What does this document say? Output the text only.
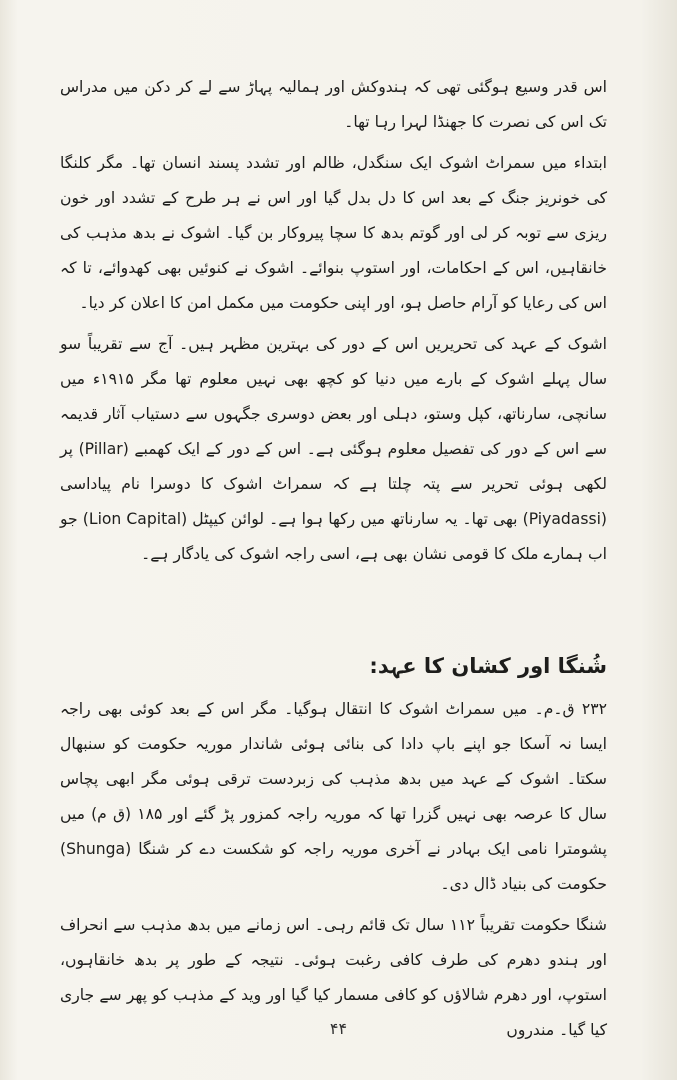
اس قدر وسیع ہوگئی تھی کہ ہندوکش اور ہمالیہ پہاڑ سے لے کر دکن میں مدراس تک اس کی نصرت کا جھنڈا لہرا رہا تھا۔

ابتداء میں سمراٹ اشوک ایک سنگدل، ظالم اور تشدد پسند انسان تھا۔ مگر کلنگا کی خونریز جنگ کے بعد اس کا دل بدل گیا اور اس نے ہر طرح کے تشدد اور خون ریزی سے توبہ کر لی اور گوتم بدھ کا سچا پیروکار بن گیا۔ اشوک نے بدھ مذہب کی خانقاہیں، اس کے احکامات، اور استوپ بنوائے۔ اشوک نے کنوئیں بھی کھدوائے، تا کہ اس کی رعایا کو آرام حاصل ہو، اور اپنی حکومت میں مکمل امن کا اعلان کر دیا۔

اشوک کے عہد کی تحریریں اس کے دور کی بہترین مظہر ہیں۔ آج سے تقریباً سو سال پہلے اشوک کے بارے میں دنیا کو کچھ بھی نہیں معلوم تھا مگر ۱۹۱۵ء میں سانچی، سارناتھ، کپل وستو، دہلی اور بعض دوسری جگہوں سے دستیاب آثار قدیمہ سے اس کے دور کی تفصیل معلوم ہوگئی ہے۔ اس کے دور کے ایک کھمبے (Pillar) پر لکھی ہوئی تحریر سے پتہ چلتا ہے کہ سمراٹ اشوک کا دوسرا نام پیاداسی (Piyadassi) بھی تھا۔ یہ سارناتھ میں رکھا ہوا ہے۔ لوائن کیپٹل (Lion Capital) جو اب ہمارے ملک کا قومی نشان بھی ہے، اسی راجہ اشوک کی یادگار ہے۔

شُنگا اور کشان کا عہد:

۲۳۲ ق۔م۔ میں سمراٹ اشوک کا انتقال ہوگیا۔ مگر اس کے بعد کوئی بھی راجہ ایسا نہ آسکا جو اپنے باپ دادا کی بنائی ہوئی شاندار موریہ حکومت کو سنبھال سکتا۔ اشوک کے عہد میں بدھ مذہب کی زبردست ترقی ہوئی مگر ابھی پچاس سال کا عرصہ بھی نہیں گزرا تھا کہ موریہ راجہ کمزور پڑ گئے اور ۱۸۵ (ق م) میں پشومترا نامی ایک بہادر نے آخری موریہ راجہ کو شکست دے کر شنگا (Shunga) حکومت کی بنیاد ڈال دی۔

شنگا حکومت تقریباً ۱۱۲ سال تک قائم رہی۔ اس زمانے میں بدھ مذہب سے انحراف اور ہندو دھرم کی طرف کافی رغبت ہوئی۔ نتیجہ کے طور پر بدھ خانقاہوں، استوپ، اور دھرم شالاؤں کو کافی مسمار کیا گیا اور وید کے مذہب کو پھر سے جاری کیا گیا۔ مندروں

۴۴
